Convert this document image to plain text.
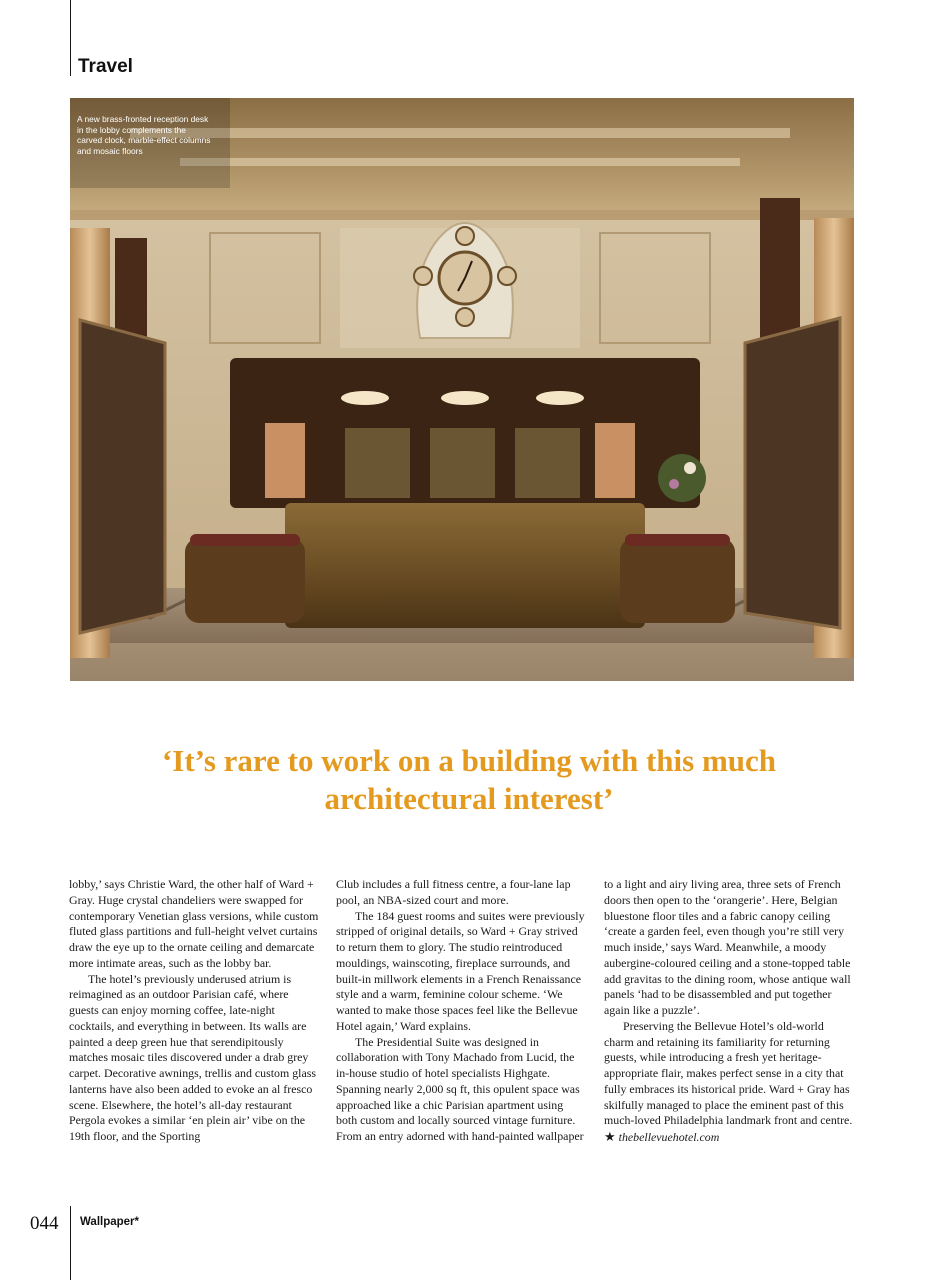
Travel
A new brass-fronted reception desk in the lobby complements the carved clock, marble-effect columns and mosaic floors
‘It’s rare to work on a building with this much architectural interest’

lobby,’ says Christie Ward, the other half of Ward + Gray. Huge crystal chandeliers were swapped for contemporary Venetian glass versions, while custom fluted glass partitions and full-height velvet curtains draw the eye up to the ornate ceiling and demarcate more intimate areas, such as the lobby bar.

The hotel’s previously underused atrium is reimagined as an outdoor Parisian café, where guests can enjoy morning coffee, late-night cocktails, and everything in between. Its walls are painted a deep green hue that serendipitously matches mosaic tiles discovered under a drab grey carpet. Decorative awnings, trellis and custom glass lanterns have also been added to evoke an al fresco scene. Elsewhere, the hotel’s all-day restaurant Pergola evokes a similar ‘en plein air’ vibe on the 19th floor, and the Sporting

Club includes a full fitness centre, a four-lane lap pool, an NBA-sized court and more.

The 184 guest rooms and suites were previously stripped of original details, so Ward + Gray strived to return them to glory. The studio reintroduced mouldings, wainscoting, fireplace surrounds, and built-in millwork elements in a French Renaissance style and a warm, feminine colour scheme. ‘We wanted to make those spaces feel like the Bellevue Hotel again,’ Ward explains.

The Presidential Suite was designed in collaboration with Tony Machado from Lucid, the in-house studio of hotel specialists Highgate. Spanning nearly 2,000 sq ft, this opulent space was approached like a chic Parisian apartment using both custom and locally sourced vintage furniture. From an entry adorned with hand-painted wallpaper

to a light and airy living area, three sets of French doors then open to the ‘orangerie’. Here, Belgian bluestone floor tiles and a fabric canopy ceiling ‘create a garden feel, even though you’re still very much inside,’ says Ward. Meanwhile, a moody aubergine-coloured ceiling and a stone-topped table add gravitas to the dining room, whose antique wall panels ‘had to be disassembled and put together again like a puzzle’.

Preserving the Bellevue Hotel’s old-world charm and retaining its familiarity for returning guests, while introducing a fresh yet heritage-appropriate flair, makes perfect sense in a city that fully embraces its historical pride. Ward + Gray has skilfully managed to place the eminent past of this much-loved Philadelphia landmark front and centre. ★ thebellevuehotel.com

044 Wallpaper*
